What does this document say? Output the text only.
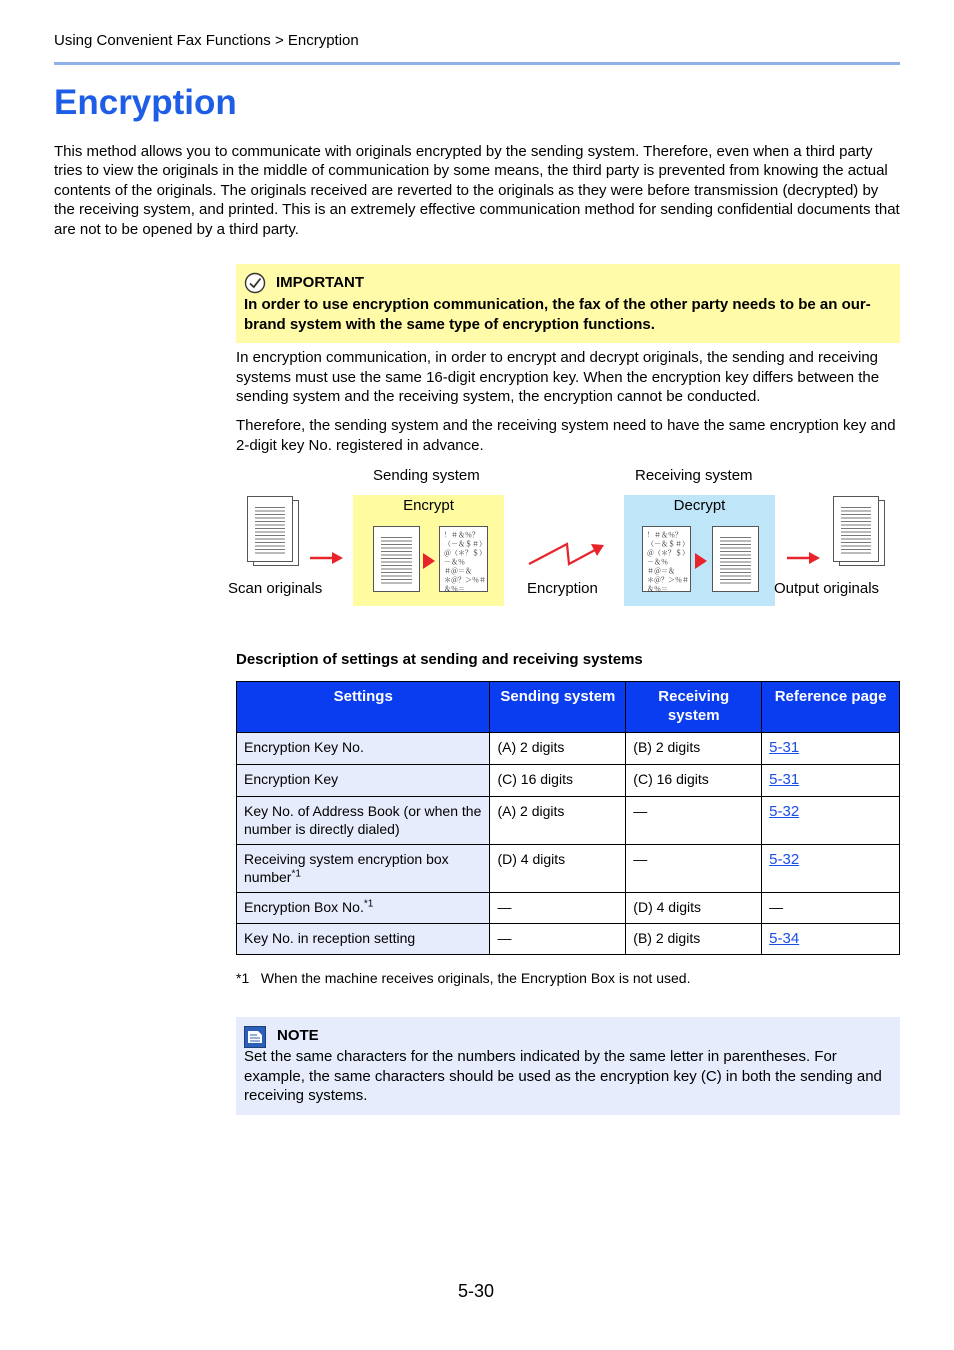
Using Convenient Fax Functions > Encryption
Encryption
This method allows you to communicate with originals encrypted by the sending system. Therefore, even when a third party tries to view the originals in the middle of communication by some means, the third party is prevented from knowing the actual contents of the originals. The originals received are reverted to the originals as they were before transmission (decrypted) by the receiving system, and printed. This is an extremely effective communication method for sending confidential documents that are not to be opened by a third party.
IMPORTANT
In order to use encryption communication, the fax of the other party needs to be an our-brand system with the same type of encryption functions.
In encryption communication, in order to encrypt and decrypt originals, the sending and receiving systems must use the same 16-digit encryption key. When the encryption key differs between the sending system and the receiving system, the encryption cannot be conducted.
Therefore, the sending system and the receiving system need to have the same encryption key and 2-digit key No. registered in advance.
Sending system	Receiving system
Encrypt
！＃＆％？
（－＆＄＃）
＠（＊？＄）
－＆％
＃＠＝＆
＊＠？＞％＃
＆％＝
Decrypt
！＃＆％？
（－＆＄＃）
＠（＊？＄）
－＆％
＃＠＝＆
＊＠？＞％＃
＆％＝
Scan originals	Encryption	Output originals
Description of settings at sending and receiving systems
Settings	Sending system	Receiving system	Reference page
Encryption Key No.	(A) 2 digits	(B) 2 digits	5-31
Encryption Key	(C) 16 digits	(C) 16 digits	5-31
Key No. of Address Book (or when the number is directly dialed)	(A) 2 digits	—	5-32
Receiving system encryption box number$^{*1}$	(D) 4 digits	—	5-32
Encryption Box No.$^{*1}$	—	(D) 4 digits	—
Key No. in reception setting	—	(B) 2 digits	5-34
*1   When the machine receives originals, the Encryption Box is not used.
NOTE
Set the same characters for the numbers indicated by the same letter in parentheses. For example, the same characters should be used as the encryption key (C) in both the sending and receiving systems.
5-30
